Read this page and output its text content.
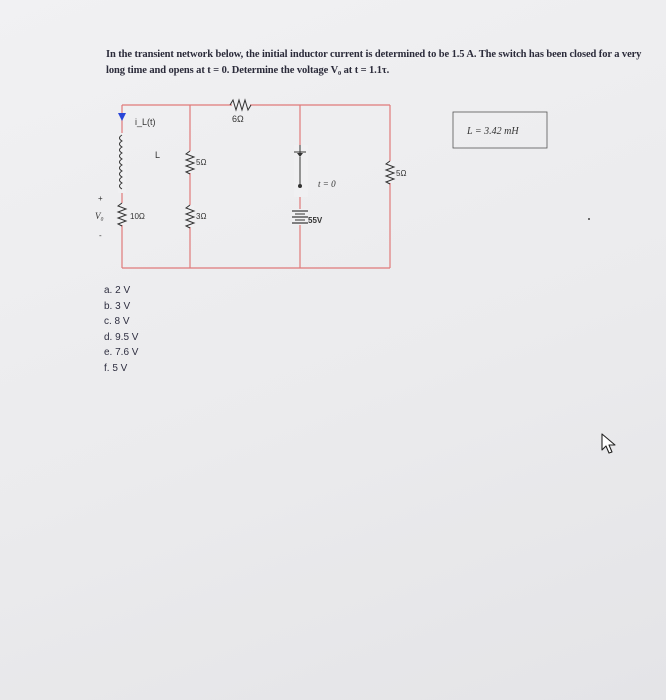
In the transient network below, the initial inductor current is determined to be 1.5 A. The switch has been closed for a very long time and opens at t = 0. Determine the voltage V₀ at t = 1.1τ.
6Ω
i_L(t)
L
10Ω
+
V₀
-
5Ω
3Ω
t = 0
55V
5Ω
L = 3.42 mH
a. 2 V
b. 3 V
c. 8 V
d. 9.5 V
e. 7.6 V
f. 5 V
